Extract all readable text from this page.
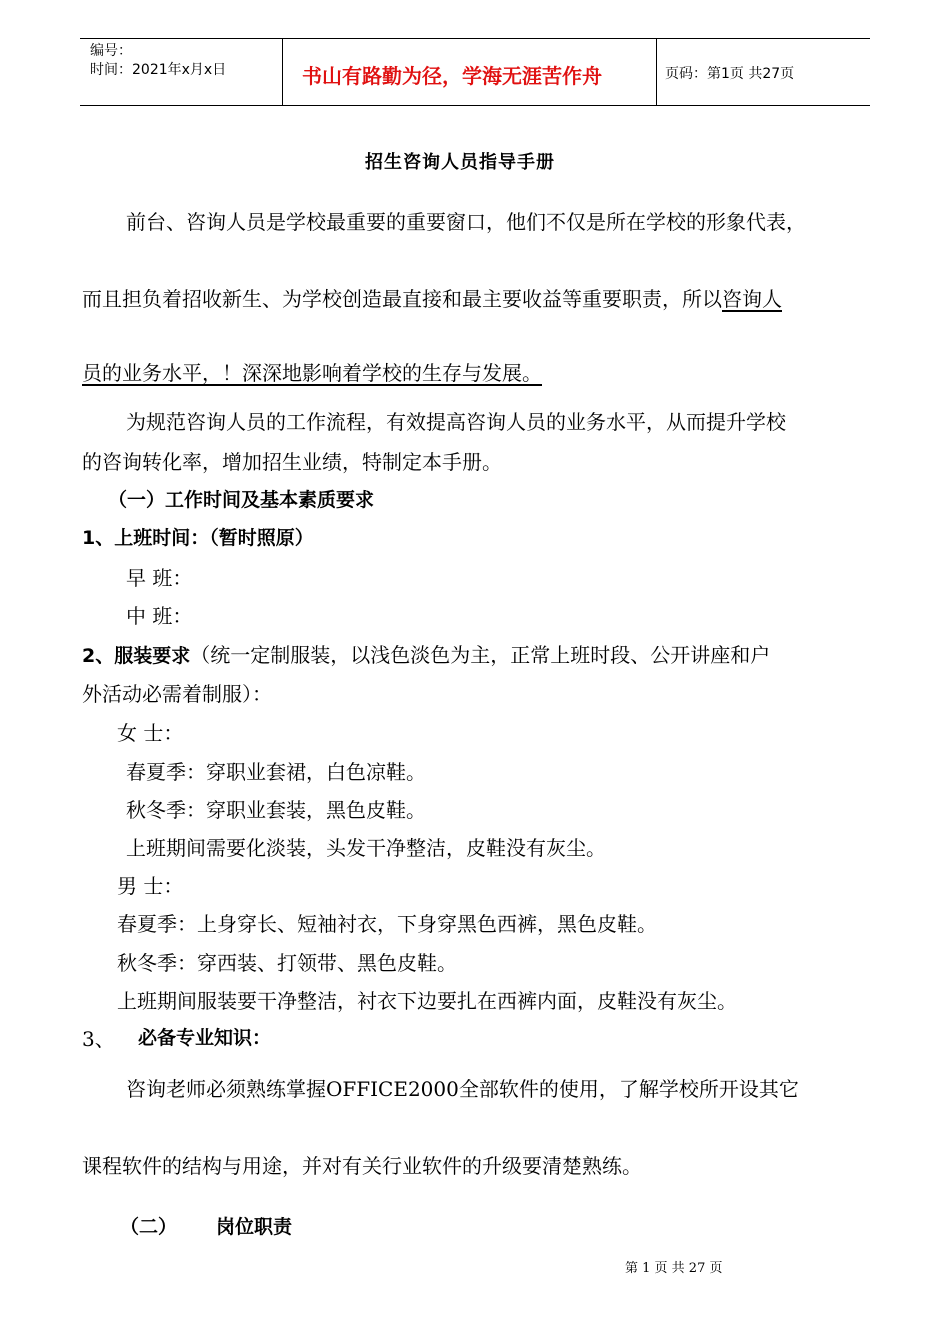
编号：
时间：2021年x月x日	书山有路勤为径，学海无涯苦作舟	页码：第1页 共27页
招生咨询人员指导手册
前台、咨询人员是学校最重要的重要窗口，他们不仅是所在学校的形象代表，
而且担负着招收新生、为学校创造最直接和最主要收益等重要职责，所以咨询人
员的业务水平，！深深地影响着学校的生存与发展。
为规范咨询人员的工作流程，有效提高咨询人员的业务水平，从而提升学校
的咨询转化率，增加招生业绩，特制定本手册。
（一）工作时间及基本素质要求
1、上班时间：（暂时照原）
早 班：
中 班：
2、服装要求（统一定制服装，以浅色淡色为主，正常上班时段、公开讲座和户
外活动必需着制服）：
女 士：
春夏季：穿职业套裙，白色凉鞋。
秋冬季：穿职业套装，黑色皮鞋。
上班期间需要化淡装，头发干净整洁，皮鞋没有灰尘。
男 士：
春夏季：上身穿长、短袖衬衣，下身穿黑色西裤，黑色皮鞋。
秋冬季：穿西装、打领带、黑色皮鞋。
上班期间服装要干净整洁，衬衣下边要扎在西裤内面，皮鞋没有灰尘。
3、 必备专业知识：
咨询老师必须熟练掌握OFFICE2000全部软件的使用，了解学校所开设其它
课程软件的结构与用途，并对有关行业软件的升级要清楚熟练。
（二） 岗位职责
第 1 页 共 27 页
